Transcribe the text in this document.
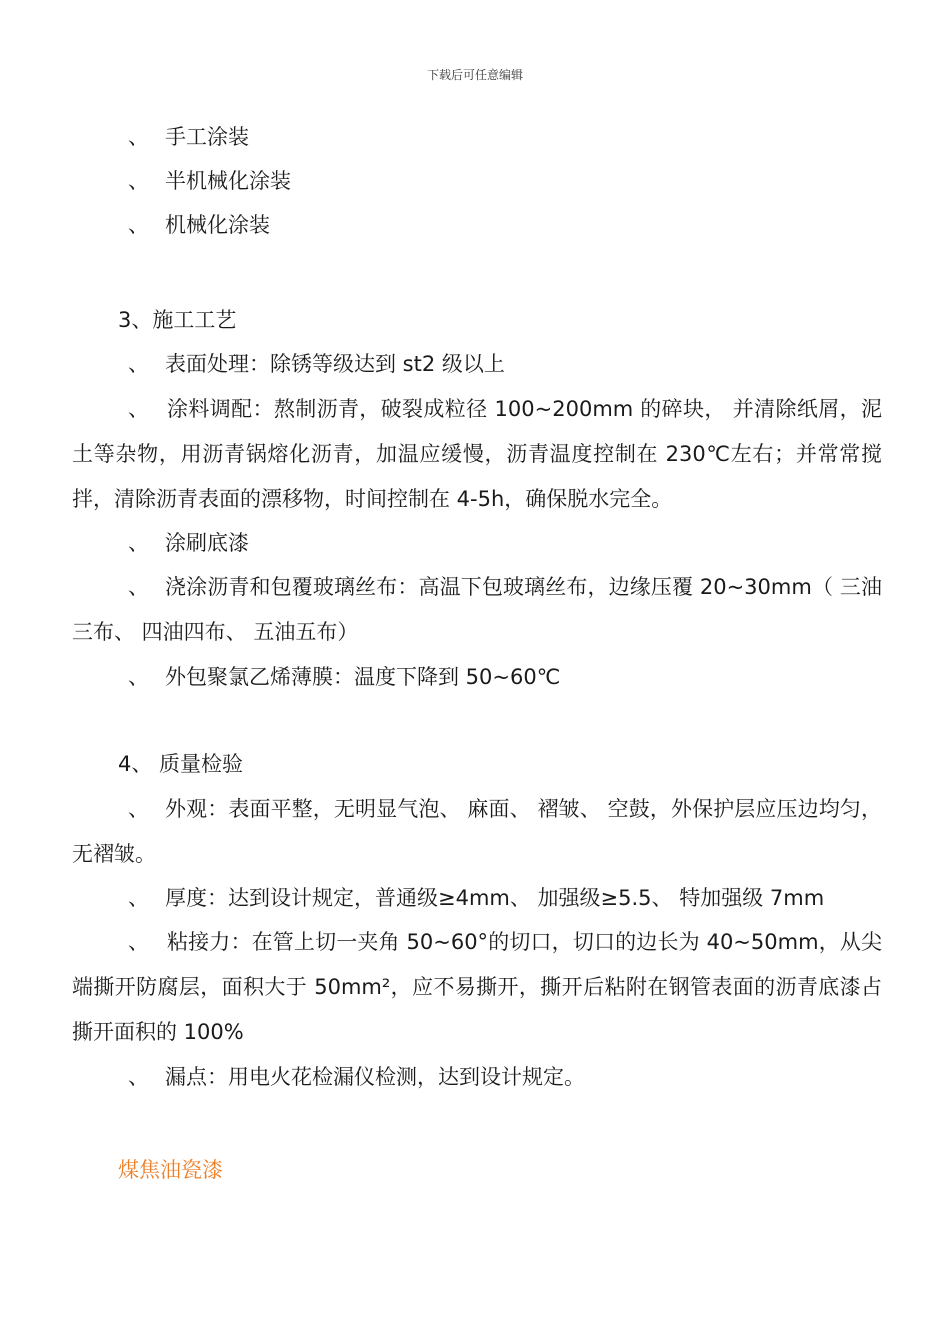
下载后可任意编辑
、 手工涂装
、 半机械化涂装
、 机械化涂装
3、施工工艺
、 表面处理：除锈等级达到 st2 级以上
、 涂料调配：熬制沥青，破裂成粒径 100~200mm 的碎块， 并清除纸屑，泥土等杂物，用沥青锅熔化沥青，加温应缓慢，沥青温度控制在 230℃左右；并常常搅拌，清除沥青表面的漂移物，时间控制在 4-5h，确保脱水完全。
、 涂刷底漆
、 浇涂沥青和包覆玻璃丝布：高温下包玻璃丝布，边缘压覆 20~30mm（ 三油三布、 四油四布、 五油五布）
、 外包聚氯乙烯薄膜：温度下降到 50~60℃
4、 质量检验
、 外观：表面平整，无明显气泡、 麻面、 褶皱、 空鼓，外保护层应压边均匀，无褶皱。
、 厚度：达到设计规定，普通级≥4mm、 加强级≥5.5、 特加强级 7mm
、 粘接力：在管上切一夹角 50~60°的切口，切口的边长为 40~50mm，从尖端撕开防腐层，面积大于 50mm²，应不易撕开，撕开后粘附在钢管表面的沥青底漆占撕开面积的 100%
、 漏点：用电火花检漏仪检测，达到设计规定。
煤焦油瓷漆
